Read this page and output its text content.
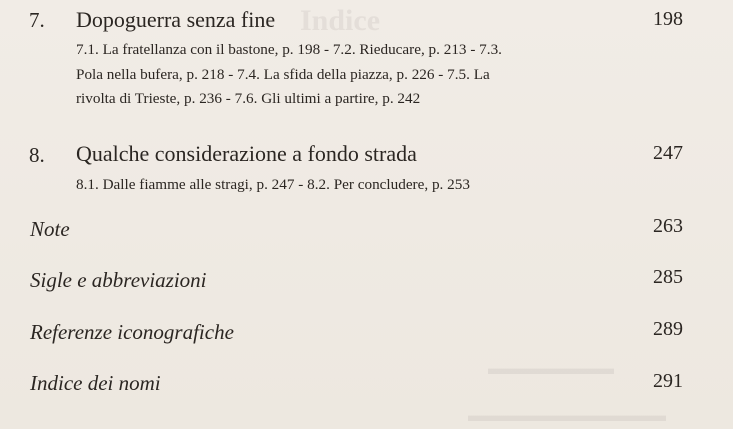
Indice
▬▬▬▬▬▬▬
▬▬▬▬▬▬▬▬▬▬▬
7. Dopoguerra senza fine	198
7.1. La fratellanza con il bastone, p. 198 - 7.2. Rieducare, p. 213 - 7.3.
Pola nella bufera, p. 218 - 7.4. La sfida della piazza, p. 226 - 7.5. La
rivolta di Trieste, p. 236 - 7.6. Gli ultimi a partire, p. 242
8. Qualche considerazione a fondo strada	247
8.1. Dalle fiamme alle stragi, p. 247 - 8.2. Per concludere, p. 253
Note	263
Sigle e abbreviazioni	285
Referenze iconografiche	289
Indice dei nomi	291
